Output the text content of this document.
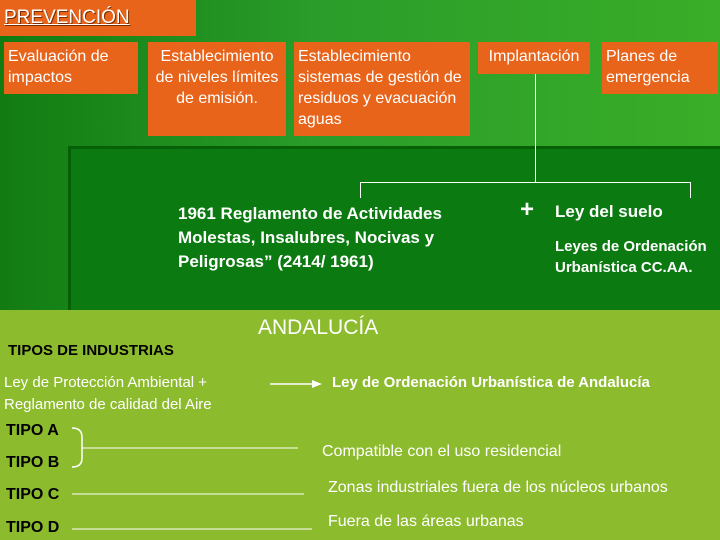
PREVENCIÓN
Evaluación de impactos
Establecimiento de niveles límites de emisión.
Establecimiento sistemas de gestión de residuos y evacuación aguas
Implantación	Planes de emergencia
1961 Reglamento de Actividades Molestas, Insalubres, Nocivas y Peligrosas” (2414/ 1961)
+ Ley del suelo
Leyes de Ordenación Urbanística CC.AA.
ANDALUCÍA
TIPOS DE INDUSTRIAS
Ley de Protección Ambiental + Reglamento de calidad del Aire
Ley de Ordenación Urbanística de Andalucía
TIPO A
TIPO B
TIPO C
TIPO D
Compatible con el uso residencial
Zonas industriales fuera de los núcleos urbanos
Fuera de las áreas urbanas
